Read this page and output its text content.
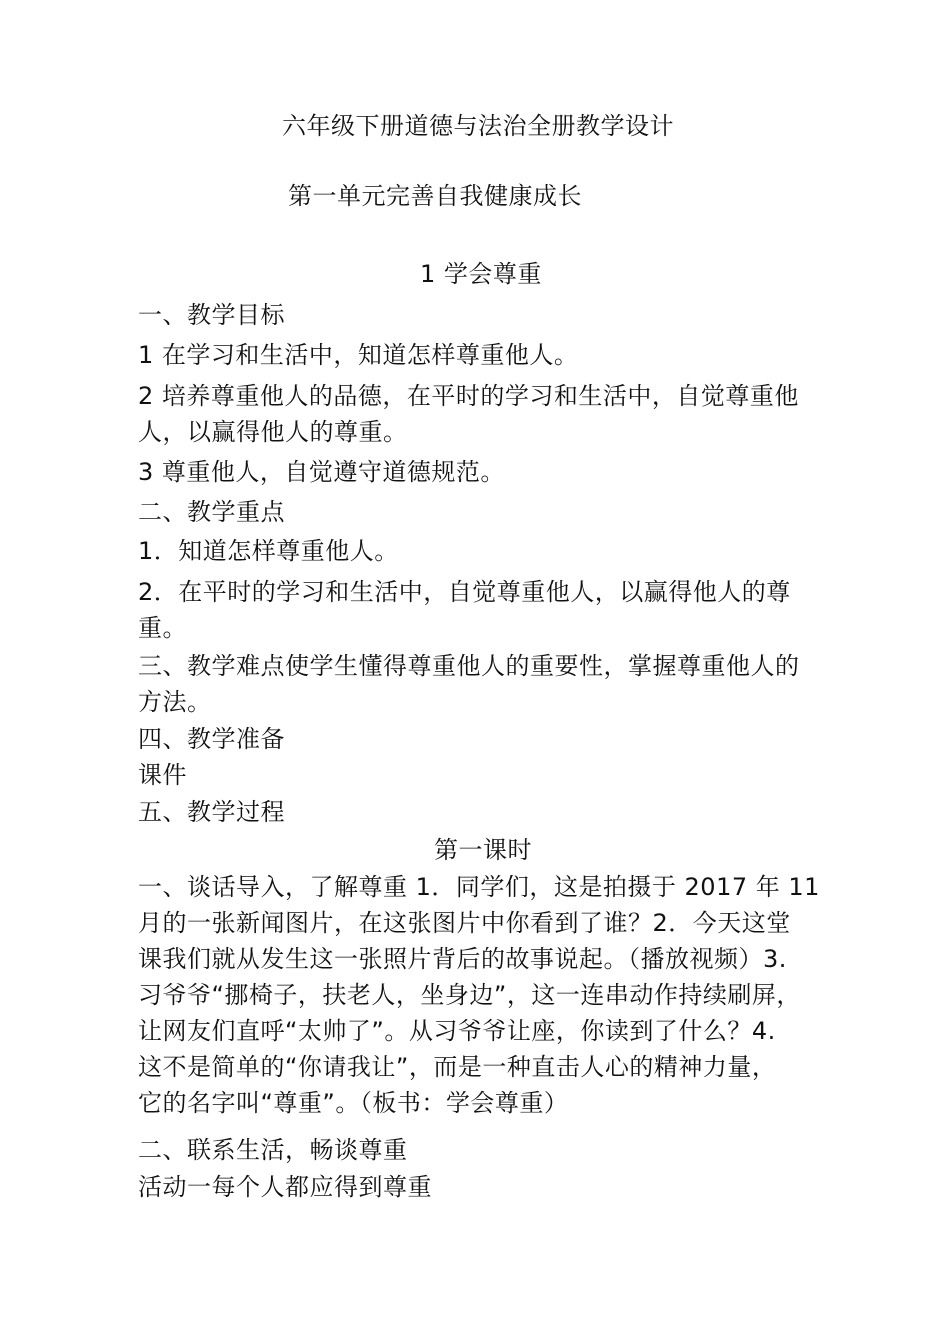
六年级下册道德与法治全册教学设计
第一单元完善自我健康成长
1 学会尊重
一、教学目标
1 在学习和生活中，知道怎样尊重他人。
2 培养尊重他人的品德，在平时的学习和生活中，自觉尊重他
人，以赢得他人的尊重。
3 尊重他人，自觉遵守道德规范。
二、教学重点
1．知道怎样尊重他人。
2．在平时的学习和生活中，自觉尊重他人，以赢得他人的尊
重。
三、教学难点使学生懂得尊重他人的重要性，掌握尊重他人的
方法。
四、教学准备
课件
五、教学过程
第一课时
一、谈话导入，了解尊重 1．同学们，这是拍摄于 2017 年 11
月的一张新闻图片，在这张图片中你看到了谁？2．今天这堂
课我们就从发生这一张照片背后的故事说起。（播放视频）3.
习爷爷“挪椅子，扶老人，坐身边”，这一连串动作持续刷屏，
让网友们直呼“太帅了”。从习爷爷让座，你读到了什么？4.
这不是简单的“你请我让”，而是一种直击人心的精神力量，
它的名字叫“尊重”。（板书：学会尊重）
二、联系生活，畅谈尊重
活动一每个人都应得到尊重
